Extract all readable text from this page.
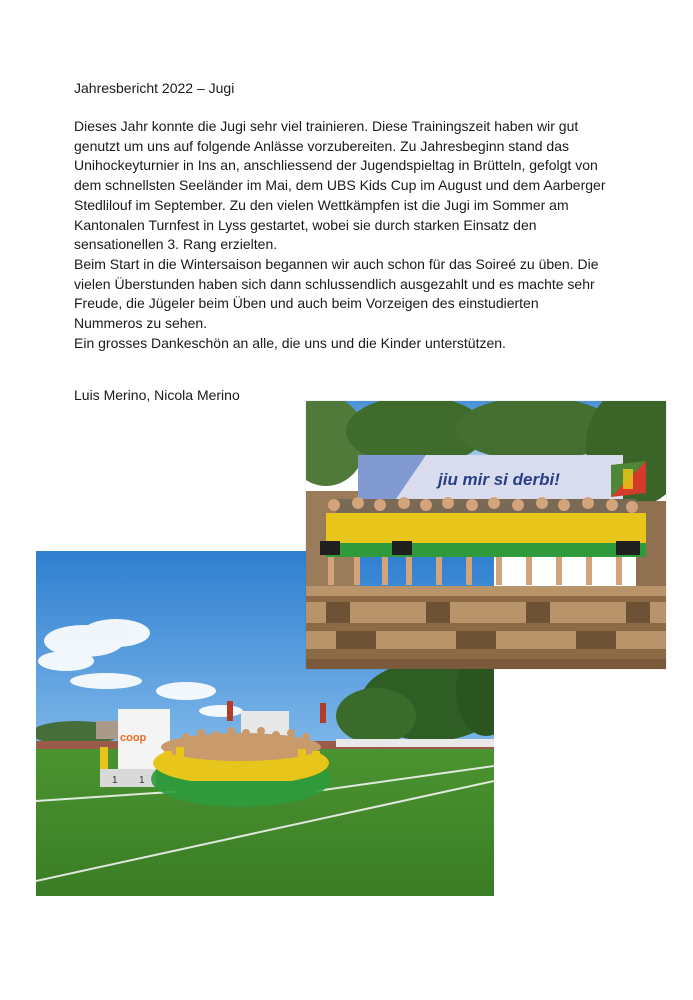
Jahresbericht 2022 – Jugi
Dieses Jahr konnte die Jugi sehr viel trainieren. Diese Trainingszeit haben wir gut
genutzt um uns auf folgende Anlässe vorzubereiten. Zu Jahresbeginn stand das
Unihockeyturnier in Ins an, anschliessend der Jugendspieltag in Brütteln, gefolgt von
dem schnellsten Seeländer im Mai, dem UBS Kids Cup im August und dem Aarberger
Stedlilouf im September. Zu den vielen Wettkämpfen ist die Jugi im Sommer am
Kantonalen Turnfest in Lyss gestartet, wobei sie durch starken Einsatz den
sensationellen 3. Rang erzielten.
Beim Start in die Wintersaison begannen wir auch schon für das Soireé zu üben. Die
vielen Überstunden haben sich dann schlussendlich ausgezahlt und es machte sehr
Freude, die Jügeler beim Üben und auch beim Vorzeigen des einstudierten
Nummeros zu sehen.
Ein grosses Dankeschön an alle, die uns und die Kinder unterstützen.
Luis Merino, Nicola Merino
coop
1 1
jiu mir si derbi!
